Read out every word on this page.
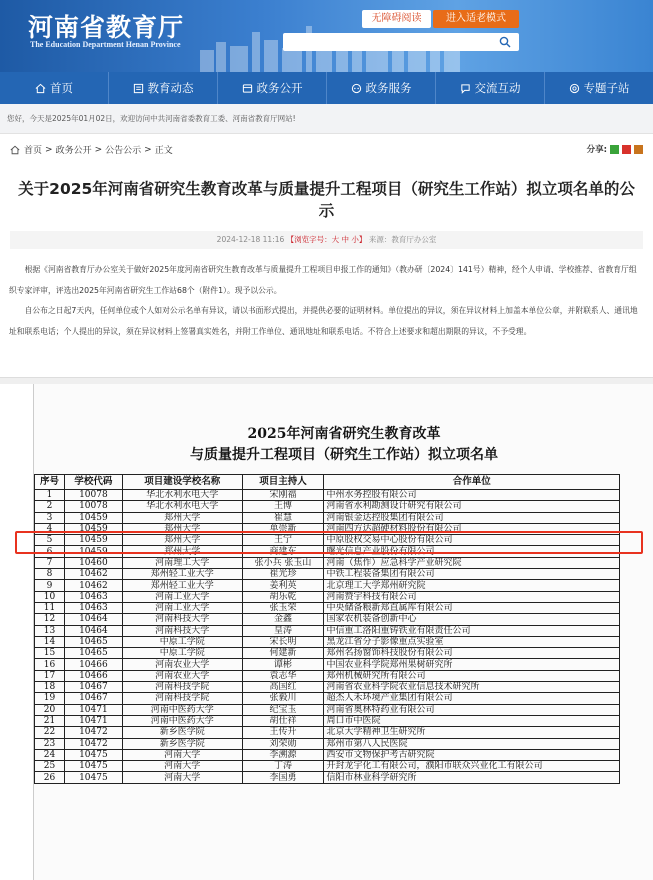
河南省教育厅
The Education Department Henan Province
无障碍阅读	进入适老模式
首页	教育动态	政务公开	政务服务	交流互动	专题子站
您好，今天是2025年01月02日，欢迎访问中共河南省委教育工委、河南省教育厅网站!
首页 > 政务公开 > 公告公示 > 正文	分享:
关于2025年河南省研究生教育改革与质量提升工程项目（研究生工作站）拟立项名单的公示
2024-12-18 11:16 【浏览字号：大 中 小】 来源：教育厅办公室

根据《河南省教育厅办公室关于做好2025年度河南省研究生教育改革与质量提升工程项目申报工作的通知》（教办研〔2024〕141号）精神，经个人申请、学校推荐、省教育厅组织专家评审，评选出2025年河南省研究生工作站68个（附件1）。现予以公示。

自公布之日起7天内，任何单位或个人如对公示名单有异议，请以书面形式提出，并提供必要的证明材料。单位提出的异议，须在异议材料上加盖本单位公章，并附联系人、通讯地址和联系电话；个人提出的异议，须在异议材料上签署真实姓名，并附工作单位、通讯地址和联系电话。不符合上述要求和超出期限的异议，不予受理。

2025年河南省研究生教育改革
与质量提升工程项目（研究生工作站）拟立项名单
序号	学校代码	项目建设学校名称	项目主持人	合作单位
1	10078	华北水利水电大学	宋刚福	中州水务控股有限公司
2	10078	华北水利水电大学	王博	河南省水利勘测设计研究有限公司
3	10459	郑州大学	崔慧	河南银金达控股集团有限公司
4	10459	郑州大学	单崇新	河南四方达超硬材料股份有限公司
5	10459	郑州大学	王宁	中原股权交易中心股份有限公司
6	10459	郑州大学	商建东	曙光信息产业股份有限公司
7	10460	河南理工大学	张小兵 张玉山	河南（焦作）应急科学产业研究院
8	10462	郑州轻工业大学	崔光珍	中铁工程装备集团有限公司
9	10462	郑州轻工业大学	姜利英	北京理工大学郑州研究院
10	10463	河南工业大学	胡乐乾	河南赞宇科技有限公司
11	10463	河南工业大学	张玉荣	中央储备粮新郑直属库有限公司
12	10464	河南科技大学	金鑫	国家农机装备创新中心
13	10464	河南科技大学	皇涛	中信重工洛阳重铸铁业有限责任公司
14	10465	中原工学院	宋长明	黑龙江省分子影像重点实验室
15	10465	中原工学院	何建新	郑州名扬窗饰科技股份有限公司
16	10466	河南农业大学	谭彬	中国农业科学院郑州果树研究所
17	10466	河南农业大学	袁志华	郑州机械研究所有限公司
18	10467	河南科技学院	高国红	河南省农业科学院农业信息技术研究所
19	10467	河南科技学院	张毅川	超杰人禾环境产业集团有限公司
20	10471	河南中医药大学	纪宝玉	河南省奥林特药业有限公司
21	10471	河南中医药大学	胡仕祥	周口市中医院
22	10472	新乡医学院	王传升	北京大学精神卫生研究所
23	10472	新乡医学院	刘荣勋	郑州市第八人民医院
24	10475	河南大学	李溯源	西安市文物保护考古研究院
25	10475	河南大学	丁涛	开封龙宇化工有限公司，濮阳市联众兴业化工有限公司
26	10475	河南大学	李国勇	信阳市林业科学研究所
